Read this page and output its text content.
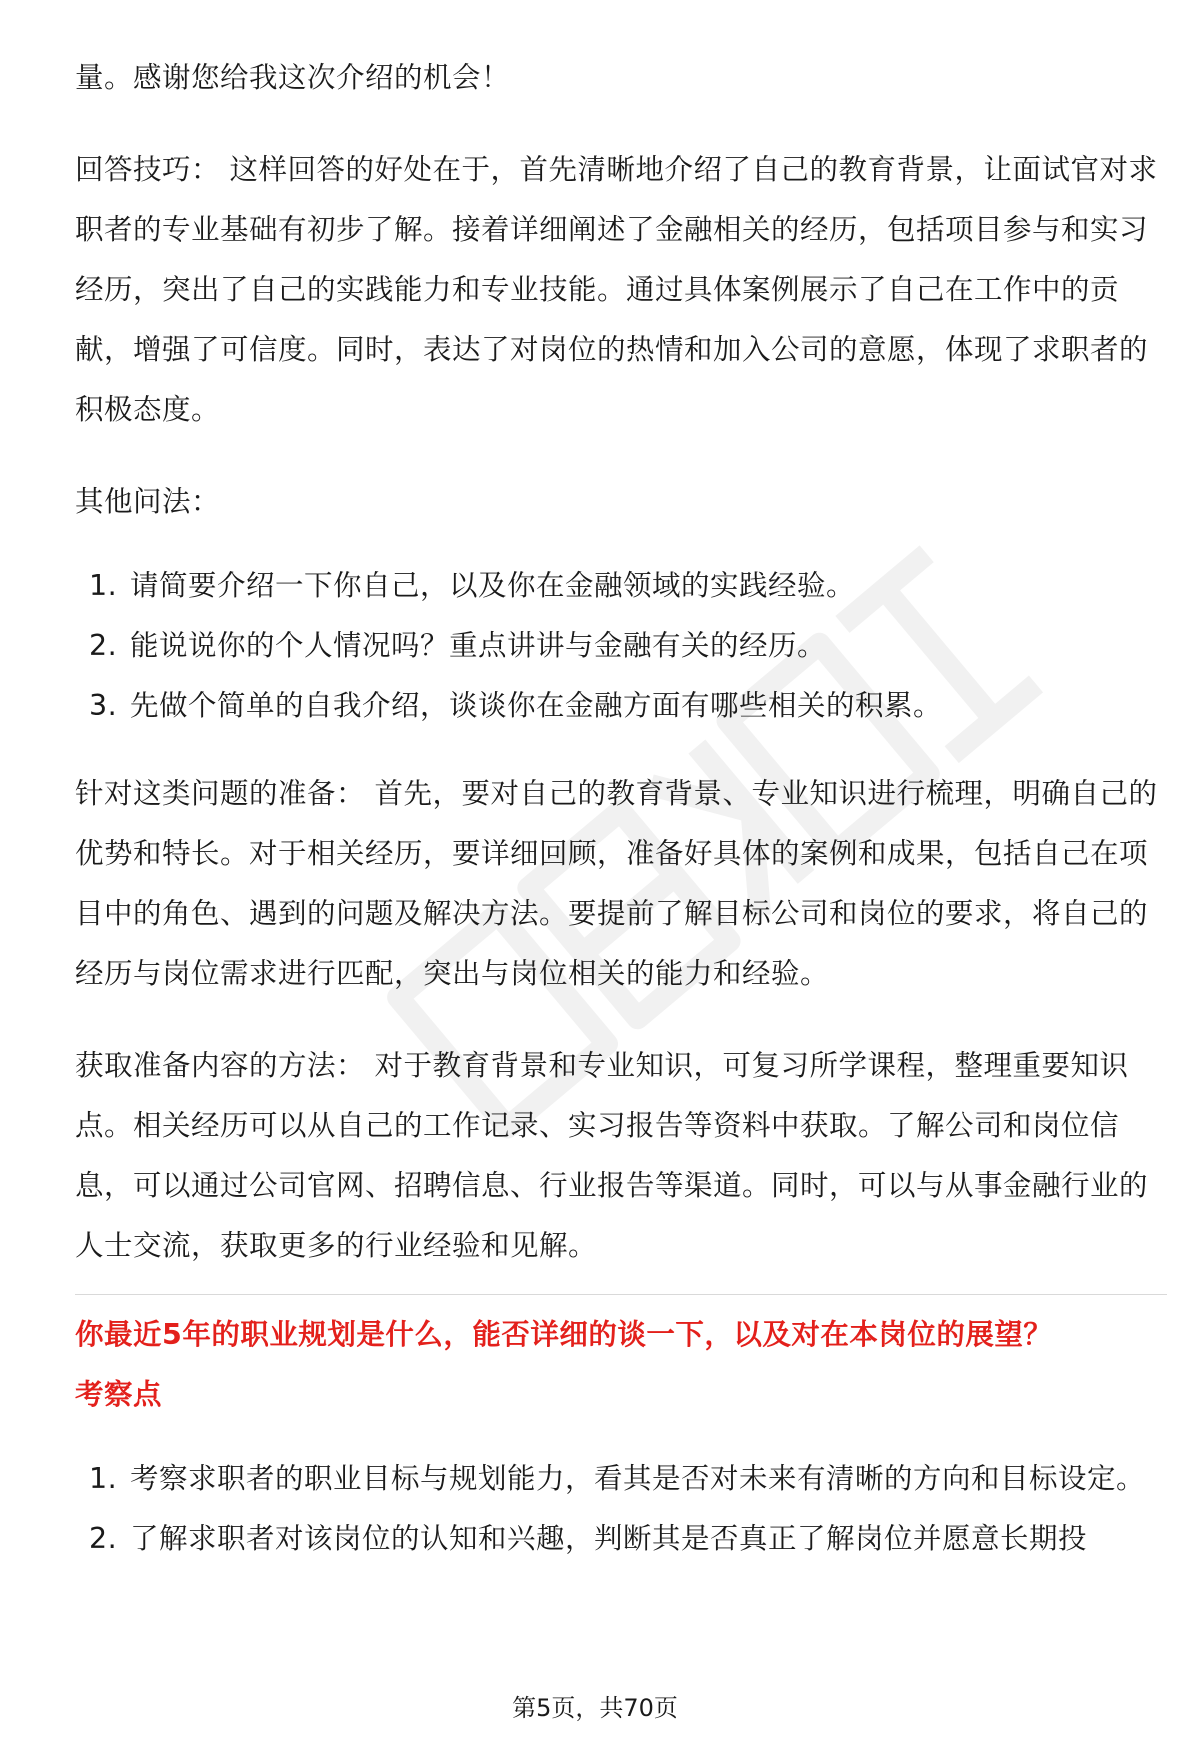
量。感谢您给我这次介绍的机会！

回答技巧： 这样回答的好处在于，首先清晰地介绍了自己的教育背景，让面试官对求职者的专业基础有初步了解。接着详细阐述了金融相关的经历，包括项目参与和实习经历，突出了自己的实践能力和专业技能。通过具体案例展示了自己在工作中的贡献，增强了可信度。同时，表达了对岗位的热情和加入公司的意愿，体现了求职者的积极态度。

其他问法：

1. 请简要介绍一下你自己，以及你在金融领域的实践经验。
2. 能说说你的个人情况吗？重点讲讲与金融有关的经历。
3. 先做个简单的自我介绍，谈谈你在金融方面有哪些相关的积累。

针对这类问题的准备： 首先，要对自己的教育背景、专业知识进行梳理，明确自己的优势和特长。对于相关经历，要详细回顾，准备好具体的案例和成果，包括自己在项目中的角色、遇到的问题及解决方法。要提前了解目标公司和岗位的要求，将自己的经历与岗位需求进行匹配，突出与岗位相关的能力和经验。

获取准备内容的方法： 对于教育背景和专业知识，可复习所学课程，整理重要知识点。相关经历可以从自己的工作记录、实习报告等资料中获取。了解公司和岗位信息，可以通过公司官网、招聘信息、行业报告等渠道。同时，可以与从事金融行业的人士交流，获取更多的行业经验和见解。

你最近5年的职业规划是什么，能否详细的谈一下，以及对在本岗位的展望？

考察点

1. 考察求职者的职业目标与规划能力，看其是否对未来有清晰的方向和目标设定。
2. 了解求职者对该岗位的认知和兴趣，判断其是否真正了解岗位并愿意长期投
第5页，共70页
